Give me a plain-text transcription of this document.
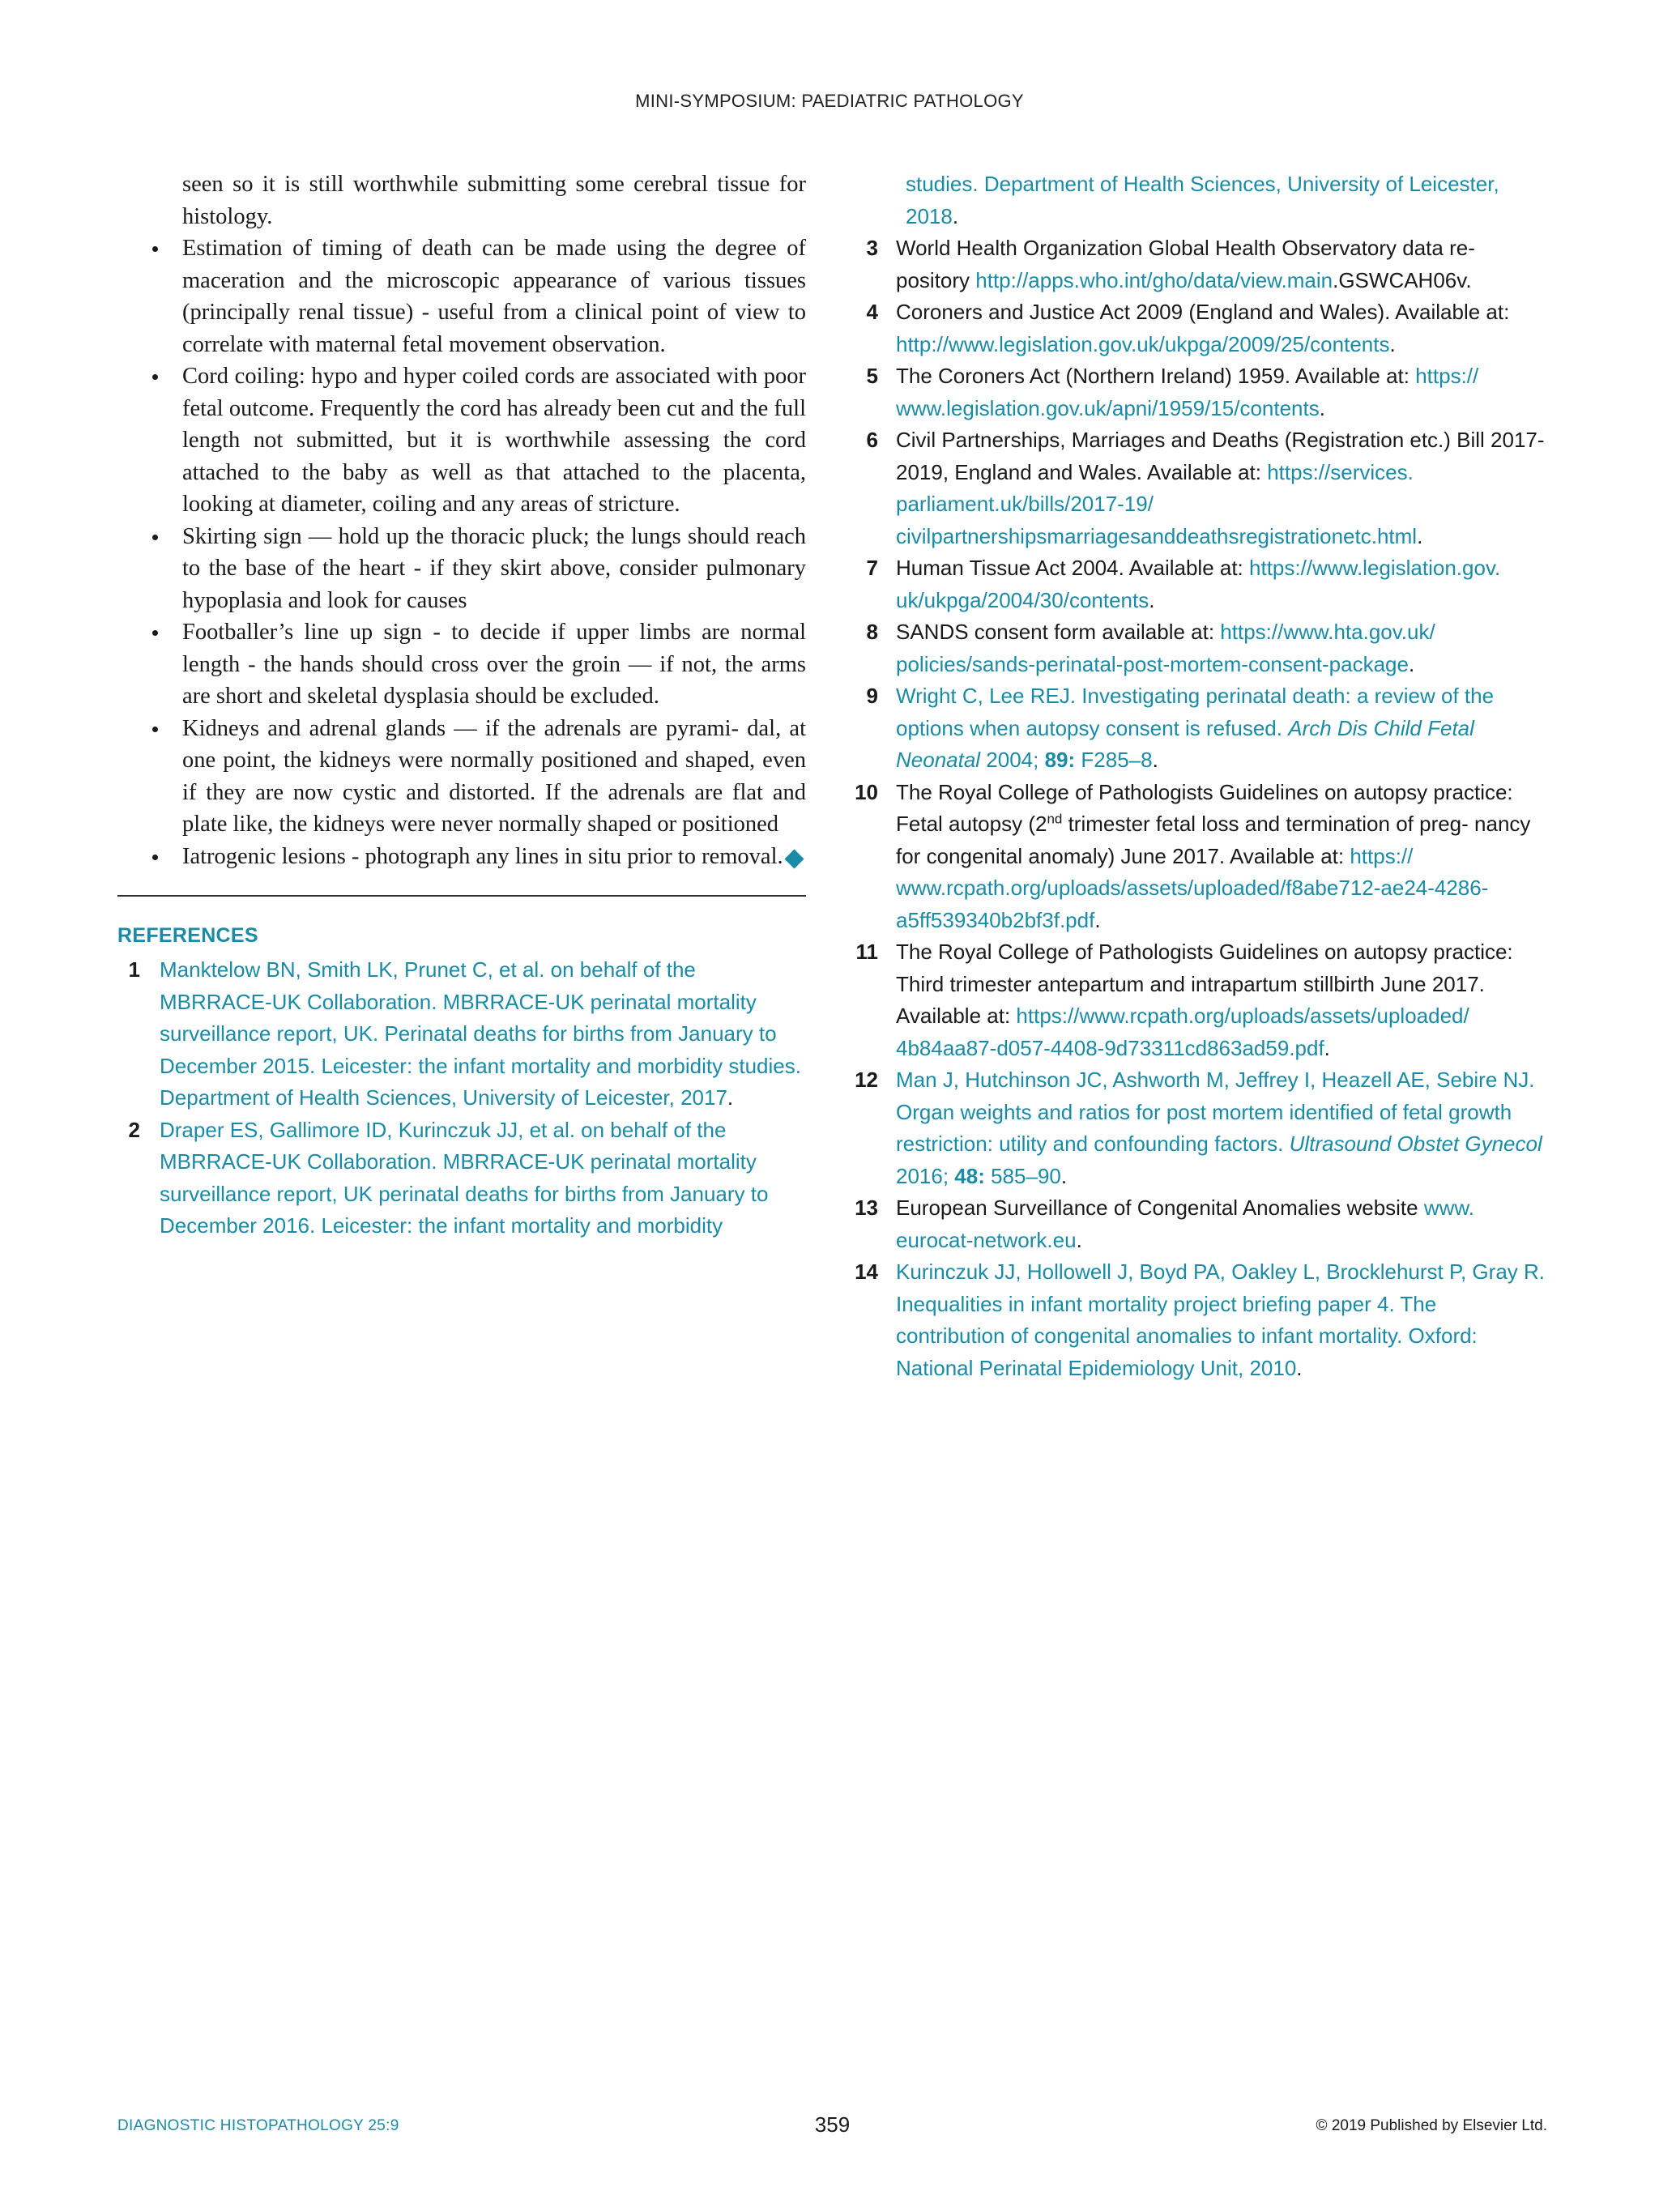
MINI-SYMPOSIUM: PAEDIATRIC PATHOLOGY

seen so it is still worthwhile submitting some cerebral tissue for histology.

Estimation of timing of death can be made using the degree of maceration and the microscopic appearance of various tissues (principally renal tissue) - useful from a clinical point of view to correlate with maternal fetal movement observation.
Cord coiling: hypo and hyper coiled cords are associated with poor fetal outcome. Frequently the cord has already been cut and the full length not submitted, but it is worthwhile assessing the cord attached to the baby as well as that attached to the placenta, looking at diameter, coiling and any areas of stricture.
Skirting sign — hold up the thoracic pluck; the lungs should reach to the base of the heart - if they skirt above, consider pulmonary hypoplasia and look for causes
Footballer’s line up sign - to decide if upper limbs are normal length - the hands should cross over the groin — if not, the arms are short and skeletal dysplasia should be excluded.
Kidneys and adrenal glands — if the adrenals are pyrami- dal, at one point, the kidneys were normally positioned and shaped, even if they are now cystic and distorted. If the adrenals are flat and plate like, the kidneys were never normally shaped or positioned
Iatrogenic lesions - photograph any lines in situ prior to removal.
REFERENCES

1 Manktelow BN, Smith LK, Prunet C, et al. on behalf of the MBRRACE-UK Collaboration. MBRRACE-UK perinatal mortality surveillance report, UK. Perinatal deaths for births from January to December 2015. Leicester: the infant mortality and morbidity studies. Department of Health Sciences, University of Leicester, 2017.

2 Draper ES, Gallimore ID, Kurinczuk JJ, et al. on behalf of the MBRRACE-UK Collaboration. MBRRACE-UK perinatal mortality surveillance report, UK perinatal deaths for births from January to December 2016. Leicester: the infant mortality and morbidity

studies. Department of Health Sciences, University of Leicester, 2018.

3 World Health Organization Global Health Observatory data re- pository http://apps.who.int/gho/data/view.main.GSWCAH06v.

4 Coroners and Justice Act 2009 (England and Wales). Available at: http://www.legislation.gov.uk/ukpga/2009/25/contents.

5 The Coroners Act (Northern Ireland) 1959. Available at: https:// www.legislation.gov.uk/apni/1959/15/contents.

6 Civil Partnerships, Marriages and Deaths (Registration etc.) Bill 2017-2019, England and Wales. Available at: https://services. parliament.uk/bills/2017-19/ civilpartnershipsmarriagesanddeathsregistrationetc.html.

7 Human Tissue Act 2004. Available at: https://www.legislation.gov. uk/ukpga/2004/30/contents.

8 SANDS consent form available at: https://www.hta.gov.uk/ policies/sands-perinatal-post-mortem-consent-package.

9 Wright C, Lee REJ. Investigating perinatal death: a review of the options when autopsy consent is refused. Arch Dis Child Fetal Neonatal 2004; 89: F285–8.

10 The Royal College of Pathologists Guidelines on autopsy practice: Fetal autopsy (2nd trimester fetal loss and termination of preg- nancy for congenital anomaly) June 2017. Available at: https:// www.rcpath.org/uploads/assets/uploaded/f8abe712-ae24-4286- a5ff539340b2bf3f.pdf.

11 The Royal College of Pathologists Guidelines on autopsy practice: Third trimester antepartum and intrapartum stillbirth June 2017. Available at: https://www.rcpath.org/uploads/assets/uploaded/ 4b84aa87-d057-4408-9d73311cd863ad59.pdf.

12 Man J, Hutchinson JC, Ashworth M, Jeffrey I, Heazell AE, Sebire NJ. Organ weights and ratios for post mortem identified of fetal growth restriction: utility and confounding factors. Ultrasound Obstet Gynecol 2016; 48: 585–90.

13 European Surveillance of Congenital Anomalies website www. eurocat-network.eu.

14 Kurinczuk JJ, Hollowell J, Boyd PA, Oakley L, Brocklehurst P, Gray R. Inequalities in infant mortality project briefing paper 4. The contribution of congenital anomalies to infant mortality. Oxford: National Perinatal Epidemiology Unit, 2010.

DIAGNOSTIC HISTOPATHOLOGY 25:9	359	© 2019 Published by Elsevier Ltd.
